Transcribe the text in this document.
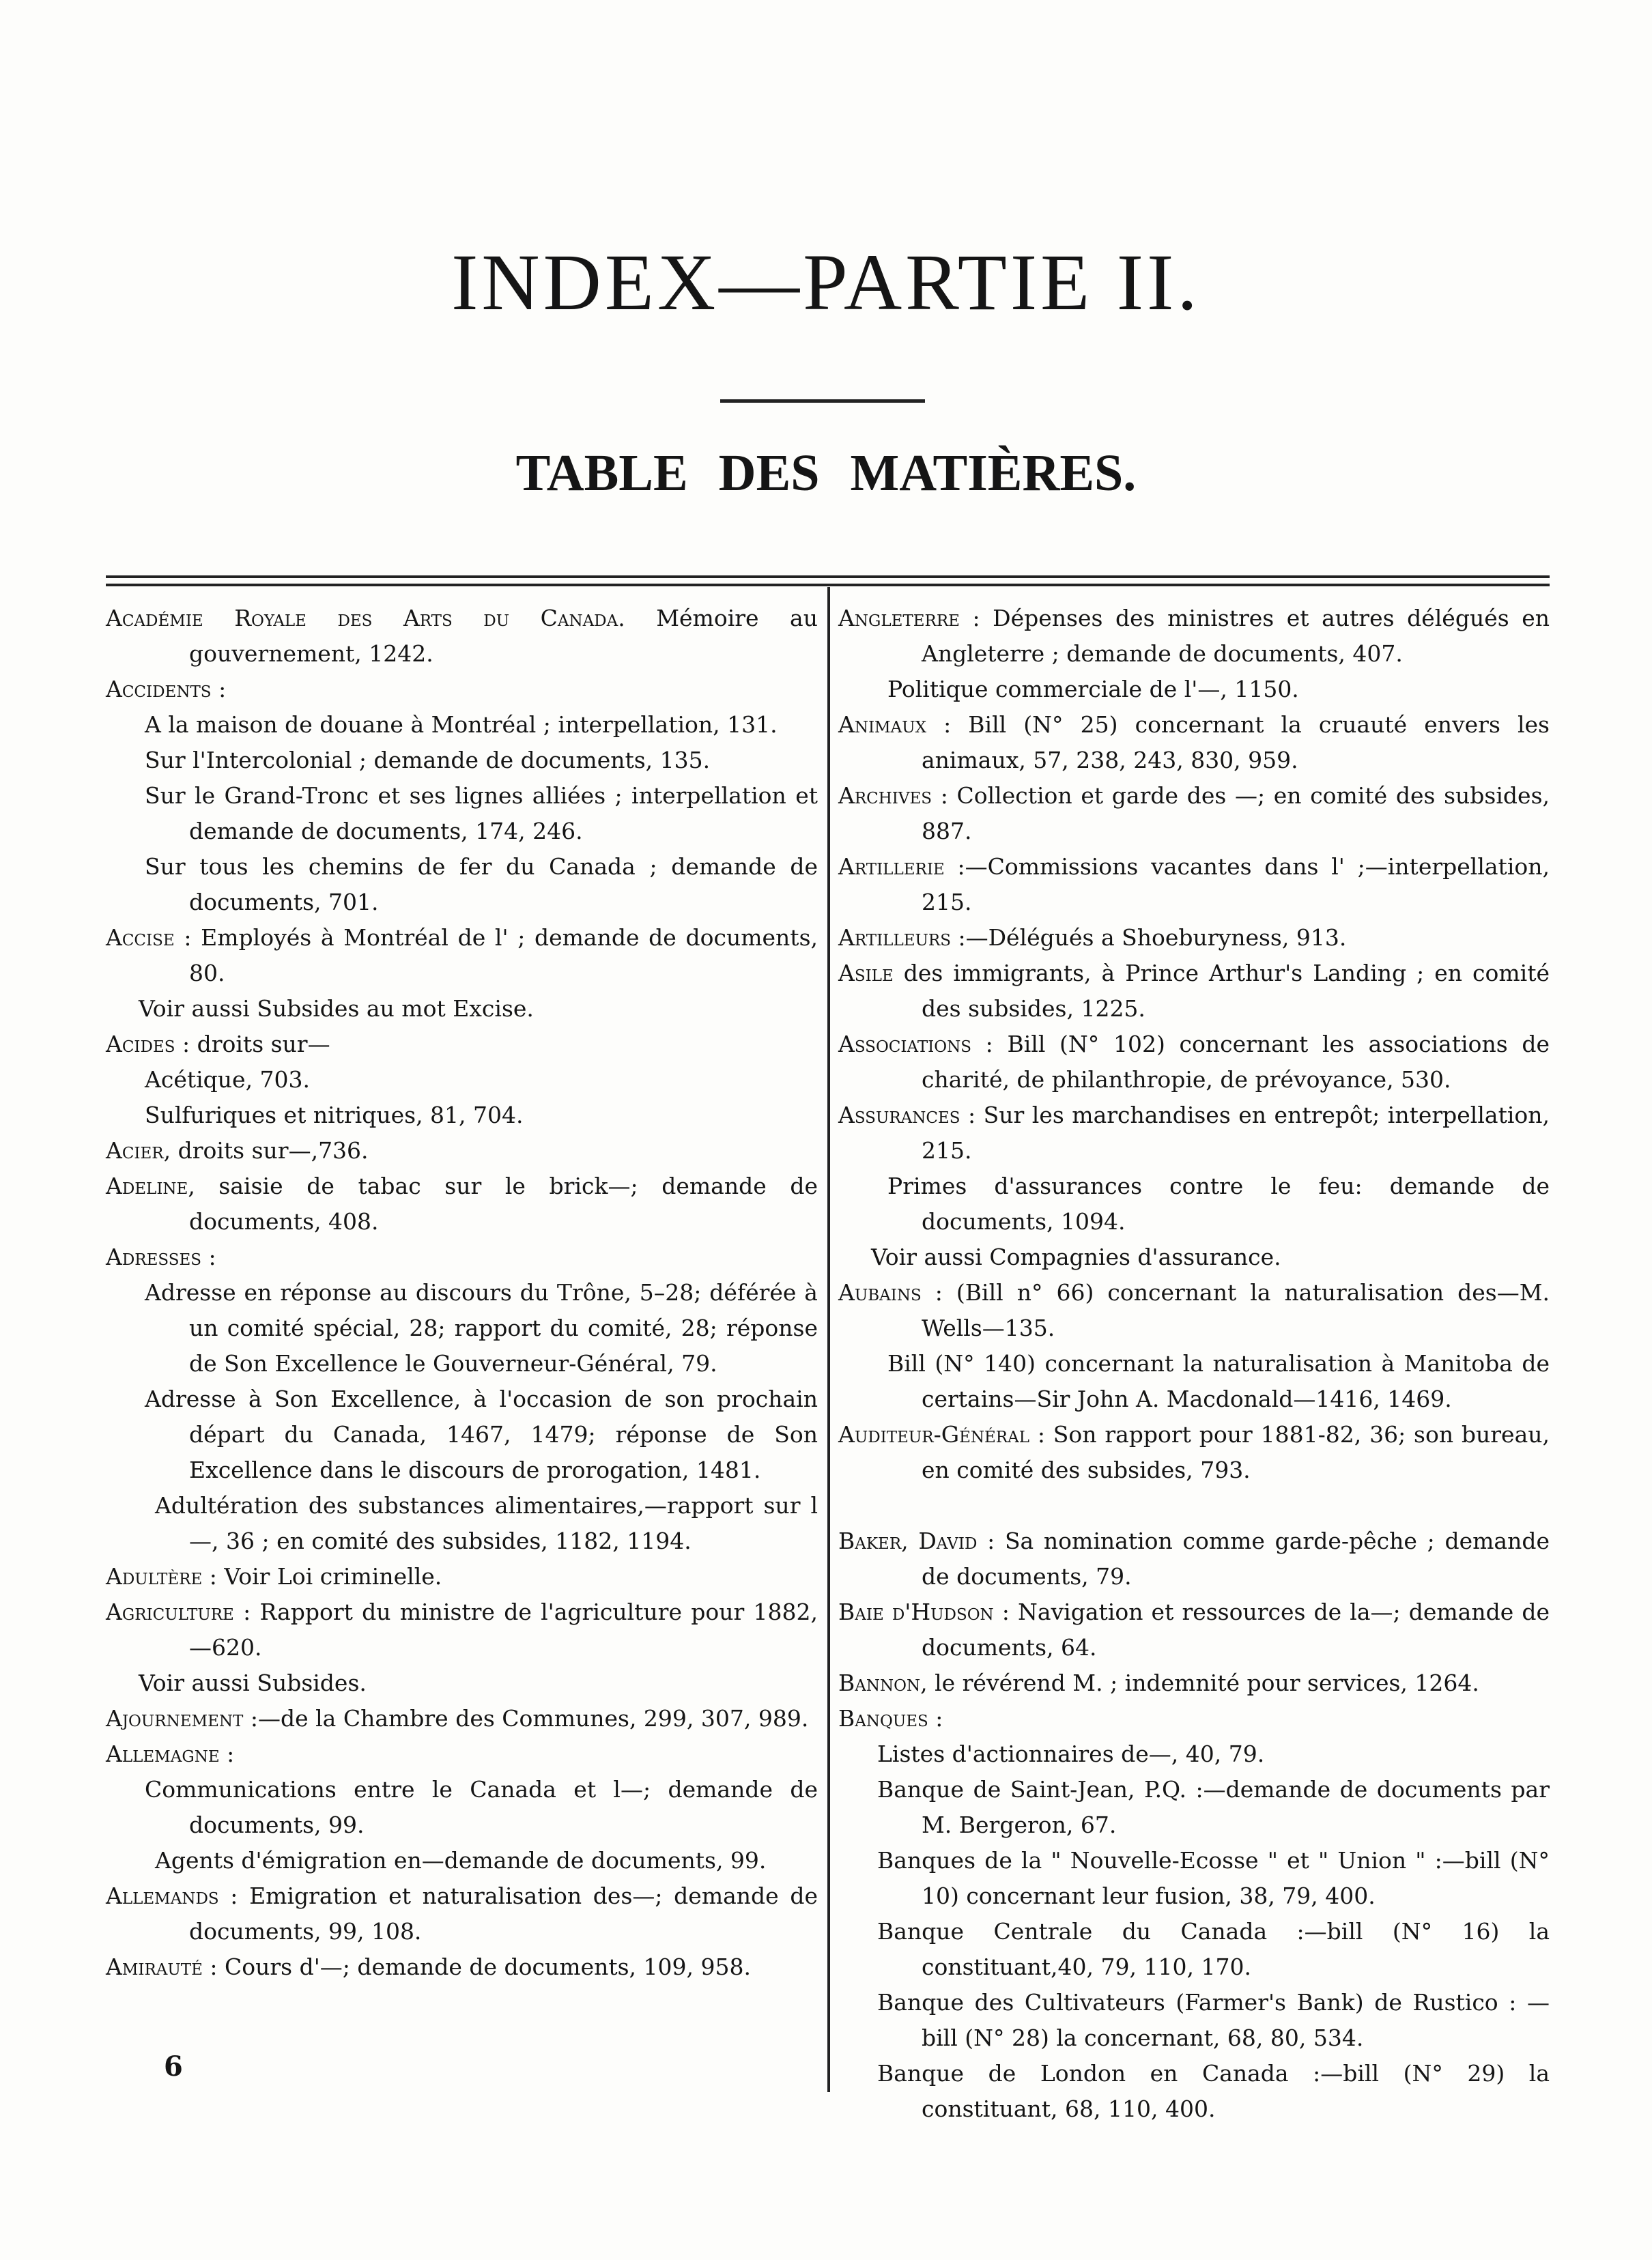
INDEX—PARTIE II.
TABLE DES MATIÈRES.

Académie Royale des Arts du Canada. Mémoire au gouvernement, 1242.

Accidents :

A la maison de douane à Montréal ; interpellation, 131.

Sur l'Intercolonial ; demande de documents, 135.

Sur le Grand-Tronc et ses lignes alliées ; interpellation et demande de documents, 174, 246.

Sur tous les chemins de fer du Canada ; demande de documents, 701.

Accise : Employés à Montréal de l' ; demande de documents, 80.

Voir aussi Subsides au mot Excise.

Acides : droits sur—

Acétique, 703.

Sulfuriques et nitriques, 81, 704.

Acier, droits sur—,736.

Adeline, saisie de tabac sur le brick—; demande de documents, 408.

Adresses :

Adresse en réponse au discours du Trône, 5–28; déférée à un comité spécial, 28; rapport du comité, 28; réponse de Son Excellence le Gouverneur-Général, 79.

Adresse à Son Excellence, à l'occasion de son prochain départ du Canada, 1467, 1479; réponse de Son Excellence dans le discours de prorogation, 1481.

Adultération des substances alimentaires,—rapport sur l—, 36 ; en comité des subsides, 1182, 1194.

Adultère : Voir Loi criminelle.

Agriculture : Rapport du ministre de l'agriculture pour 1882,—620.

Voir aussi Subsides.

Ajournement :—de la Chambre des Communes, 299, 307, 989.

Allemagne :

Communications entre le Canada et l—; demande de documents, 99.

Agents d'émigration en—demande de documents, 99.

Allemands : Emigration et naturalisation des—; demande de documents, 99, 108.

Amirauté : Cours d'—; demande de documents, 109, 958.

Angleterre : Dépenses des ministres et autres délégués en Angleterre ; demande de documents, 407.

Politique commerciale de l'—, 1150.

Animaux : Bill (N° 25) concernant la cruauté envers les animaux, 57, 238, 243, 830, 959.

Archives : Collection et garde des —; en comité des subsides, 887.

Artillerie :—Commissions vacantes dans l' ;—interpellation, 215.

Artilleurs :—Délégués a Shoeburyness, 913.

Asile des immigrants, à Prince Arthur's Landing ; en comité des subsides, 1225.

Associations : Bill (N° 102) concernant les associations de charité, de philanthropie, de prévoyance, 530.

Assurances : Sur les marchandises en entrepôt; interpellation, 215.

Primes d'assurances contre le feu: demande de documents, 1094.

Voir aussi Compagnies d'assurance.

Aubains : (Bill n° 66) concernant la naturalisation des—M. Wells—135.

Bill (N° 140) concernant la naturalisation à Manitoba de certains—Sir John A. Macdonald—1416, 1469.

Auditeur-Général : Son rapport pour 1881-82, 36; son bureau, en comité des subsides, 793.

Baker, David : Sa nomination comme garde-pêche ; demande de documents, 79.

Baie d'Hudson : Navigation et ressources de la—; demande de documents, 64.

Bannon, le révérend M. ; indemnité pour services, 1264.

Banques :

Listes d'actionnaires de—, 40, 79.

Banque de Saint-Jean, P.Q. :—demande de documents par M. Bergeron, 67.

Banques de la " Nouvelle-Ecosse " et " Union " :—bill (N° 10) concernant leur fusion, 38, 79, 400.

Banque Centrale du Canada :—bill (N° 16) la constituant,40, 79, 110, 170.

Banque des Cultivateurs (Farmer's Bank) de Rustico : —bill (N° 28) la concernant, 68, 80, 534.

Banque de London en Canada :—bill (N° 29) la constituant, 68, 110, 400.

6
